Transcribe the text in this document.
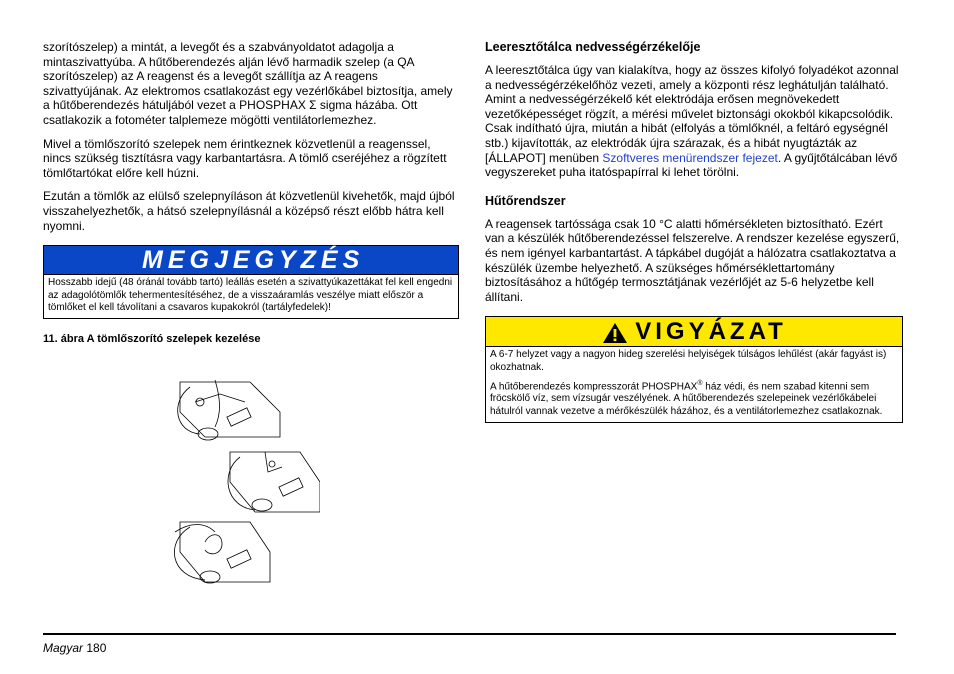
szorítószelep) a mintát, a levegőt és a szabványoldatot adagolja a mintaszivattyúba. A hűtőberendezés alján lévő harmadik szelep (a QA szorítószelep) az A reagenst és a levegőt szállítja az A reagens szivattyújának. Az elektromos csatlakozást egy vezérlőkábel biztosítja, amely a hűtőberendezés hátuljából vezet a PHOSPHAX Σ sigma házába. Ott csatlakozik a fotométer talplemeze mögötti ventilátorlemezhez.

Mivel a tömlőszorító szelepek nem érintkeznek közvetlenül a reagenssel, nincs szükség tisztításra vagy karbantartásra. A tömlő cseréjéhez a rögzített tömlőtartókat előre kell húzni.

Ezután a tömlők az elülső szelepnyíláson át közvetlenül kivehetők, majd újból visszahelyezhetők, a hátsó szelepnyílásnál a középső részt előbb hátra kell nyomni.

MEGJEGYZÉS

Hosszabb idejű (48 óránál tovább tartó) leállás esetén a szivattyúkazettákat fel kell engedni az adagolótömlők tehermentesítéséhez, de a visszaáramlás veszélye miatt először a tömlőket el kell távolítani a csavaros kupakokról (tartályfedelek)!

11. ábra A tömlőszorító szelepek kezelése
Leeresztőtálca nedvességérzékelője

A leeresztőtálca úgy van kialakítva, hogy az összes kifolyó folyadékot azonnal a nedvességérzékelőhöz vezeti, amely a központi rész leghátulján található. Amint a nedvességérzékelő két elektródája erősen megnövekedett vezetőképességet rögzít, a mérési művelet biztonsági okokból kikapcsolódik. Csak indítható újra, miután a hibát (elfolyás a tömlőknél, a feltáró egységnél stb.) kijavították, az elektródák újra szárazak, és a hibát nyugtázták az [ÁLLAPOT] menüben Szoftveres menürendszer fejezet. A gyűjtőtálcában lévő vegyszereket puha itatóspapírral ki lehet törölni.

Hűtőrendszer

A reagensek tartóssága csak 10 °C alatti hőmérsékleten biztosítható. Ezért van a készülék hűtőberendezéssel felszerelve. A rendszer kezelése egyszerű, és nem igényel karbantartást. A tápkábel dugóját a hálózatra csatlakoztatva a készülék üzembe helyezhető. A szükséges hőmérséklettartomány biztosításához a hűtőgép termosztátjának vezérlőjét az 5-6 helyzetbe kell állítani.

VIGYÁZAT

A 6-7 helyzet vagy a nagyon hideg szerelési helyiségek túlságos lehűlést (akár fagyást is) okozhatnak.

A hűtőberendezés kompresszorát PHOSPHAX® ház védi, és nem szabad kitenni sem fröcskölő víz, sem vízsugár veszélyének. A hűtőberendezés szelepeinek vezérlőkábelei hátulról vannak vezetve a mérőkészülék házához, és a ventilátorlemezhez csatlakoznak.

Magyar 180
